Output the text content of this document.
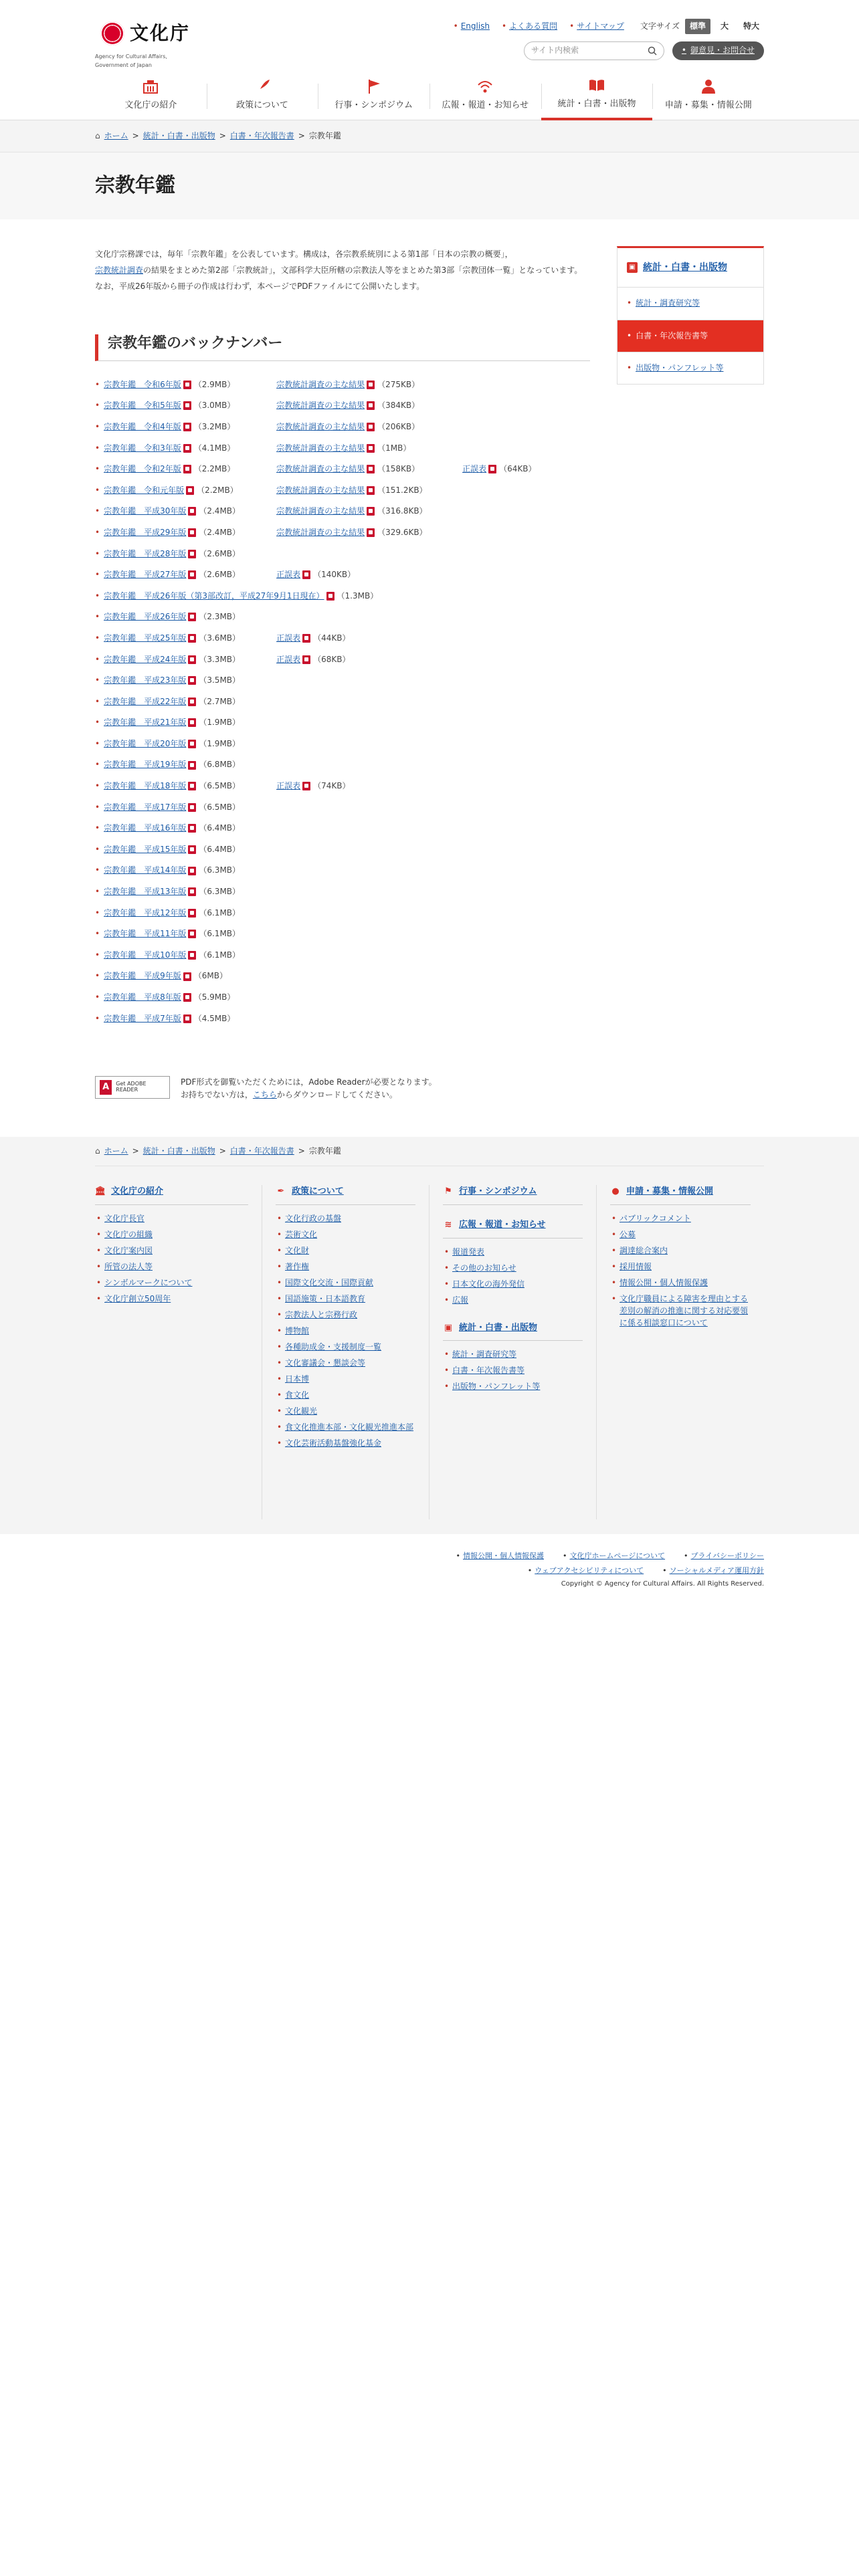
文化庁
Agency for Cultural Affairs, Government of Japan
• English	• よくある質問	• サイトマップ 文字サイズ	標準	大	特大
サイト内検索	• 御意見・お問合せ
文化庁の紹介	政策について	行事・シンポジウム	広報・報道・お知らせ	統計・白書・出版物	申請・募集・情報公開
⌂ ホーム > 統計・白書・出版物 > 白書・年次報告書 > 宗教年鑑
宗教年鑑

文化庁宗務課では，毎年「宗教年鑑」を公表しています。構成は，各宗教系統別による第1部「日本の宗教の概要」，

宗教統計調査の結果をまとめた第2部「宗教統計」，文部科学大臣所轄の宗教法人等をまとめた第3部「宗教団体一覧」となっています。

なお，平成26年版から冊子の作成は行わず，本ページでPDFファイルにて公開いたします。

宗教年鑑のバックナンバー
• 宗教年鑑　令和6年版 （2.9MB）	宗教統計調査の主な結果 （275KB）
• 宗教年鑑　令和5年版 （3.0MB）	宗教統計調査の主な結果 （384KB）
• 宗教年鑑　令和4年版 （3.2MB）	宗教統計調査の主な結果 （206KB）
• 宗教年鑑　令和3年版 （4.1MB）	宗教統計調査の主な結果 （1MB）
• 宗教年鑑　令和2年版 （2.2MB）	宗教統計調査の主な結果 （158KB）	正誤表 （64KB）
• 宗教年鑑　令和元年版 （2.2MB）	宗教統計調査の主な結果 （151.2KB）
• 宗教年鑑　平成30年版 （2.4MB）	宗教統計調査の主な結果 （316.8KB）
• 宗教年鑑　平成29年版 （2.4MB）	宗教統計調査の主な結果 （329.6KB）
• 宗教年鑑　平成28年版 （2.6MB）
• 宗教年鑑　平成27年版 （2.6MB）	正誤表 （140KB）
• 宗教年鑑　平成26年版（第3部改訂，平成27年9月1日現在） （1.3MB）
• 宗教年鑑　平成26年版 （2.3MB）
• 宗教年鑑　平成25年版 （3.6MB）	正誤表 （44KB）
• 宗教年鑑　平成24年版 （3.3MB）	正誤表 （68KB）
• 宗教年鑑　平成23年版 （3.5MB）
• 宗教年鑑　平成22年版 （2.7MB）
• 宗教年鑑　平成21年版 （1.9MB）
• 宗教年鑑　平成20年版 （1.9MB）
• 宗教年鑑　平成19年版 （6.8MB）
• 宗教年鑑　平成18年版 （6.5MB）	正誤表 （74KB）
• 宗教年鑑　平成17年版 （6.5MB）
• 宗教年鑑　平成16年版 （6.4MB）
• 宗教年鑑　平成15年版 （6.4MB）
• 宗教年鑑　平成14年版 （6.3MB）
• 宗教年鑑　平成13年版 （6.3MB）
• 宗教年鑑　平成12年版 （6.1MB）
• 宗教年鑑　平成11年版 （6.1MB）
• 宗教年鑑　平成10年版 （6.1MB）
• 宗教年鑑　平成9年版 （6MB）
• 宗教年鑑　平成8年版 （5.9MB）
• 宗教年鑑　平成7年版 （4.5MB）
A	Get ADOBE READER

PDF形式を御覧いただくためには，Adobe Readerが必要となります。

お持ちでない方は，こちらからダウンロードしてください。

▣ 統計・白書・出版物
• 統計・調査研究等
• 白書・年次報告書等
• 出版物・パンフレット等
⌂ ホーム > 統計・白書・出版物 > 白書・年次報告書 > 宗教年鑑
🏛 文化庁の紹介
• 文化庁長官
• 文化庁の組織
• 文化庁案内図
• 所管の法人等
• シンボルマークについて
• 文化庁創立50周年
✒ 政策について
• 文化行政の基盤
• 芸術文化
• 文化財
• 著作権
• 国際文化交流・国際貢献
• 国語施策・日本語教育
• 宗教法人と宗務行政
• 博物館
• 各種助成金・支援制度一覧
• 文化審議会・懇談会等
• 日本博
• 食文化
• 文化観光
• 食文化推進本部・文化観光推進本部
• 文化芸術活動基盤強化基金
⚑ 行事・シンポジウム
≋ 広報・報道・お知らせ
• 報道発表
• その他のお知らせ
• 日本文化の海外発信
• 広報
▣ 統計・白書・出版物
• 統計・調査研究等
• 白書・年次報告書等
• 出版物・パンフレット等
● 申請・募集・情報公開
• パブリックコメント
• 公募
• 調達総合案内
• 採用情報
• 情報公開・個人情報保護
• 文化庁職員による障害を理由とする差別の解消の推進に関する対応要領に係る相談窓口について
• 情報公開・個人情報保護	• 文化庁ホームページについて	• プライバシーポリシー
• ウェブアクセシビリティについて	• ソーシャルメディア運用方針

Copyright © Agency for Cultural Affairs. All Rights Reserved.
